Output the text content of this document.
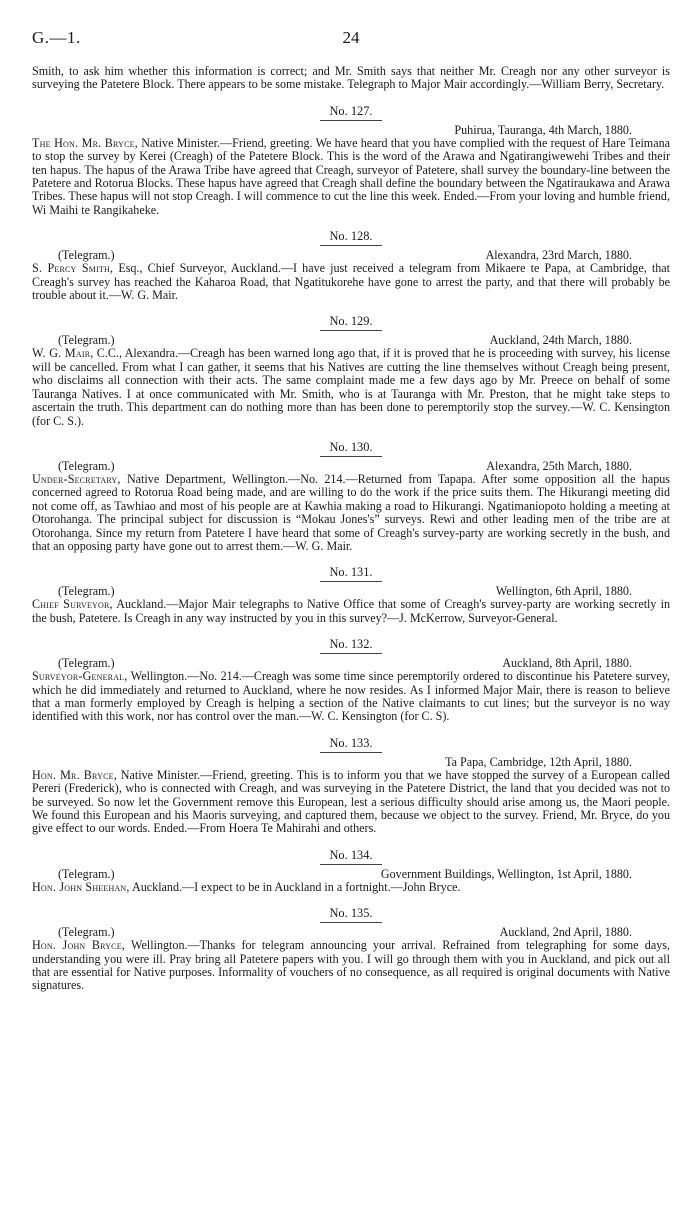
G.—1.	24

Smith, to ask him whether this information is correct; and Mr. Smith says that neither Mr. Creagh nor any other surveyor is surveying the Patetere Block. There appears to be some mistake. Telegraph to Major Mair accordingly.—William Berry, Secretary.

No. 127.
Puhirua, Tauranga, 4th March, 1880.

The Hon. Mr. Bryce, Native Minister.—Friend, greeting. We have heard that you have complied with the request of Hare Teimana to stop the survey by Kerei (Creagh) of the Patetere Block. This is the word of the Arawa and Ngatirangiwewehi Tribes and their ten hapus. The hapus of the Arawa Tribe have agreed that Creagh, surveyor of Patetere, shall survey the boundary-line between the Patetere and Rotorua Blocks. These hapus have agreed that Creagh shall define the boundary between the Ngatiraukawa and Arawa Tribes. These hapus will not stop Creagh. I will commence to cut the line this week. Ended.—From your loving and humble friend, Wi Maihi te Rangikaheke.

No. 128.
(Telegram.)	Alexandra, 23rd March, 1880.

S. Percy Smith, Esq., Chief Surveyor, Auckland.—I have just received a telegram from Mikaere te Papa, at Cambridge, that Creagh's survey has reached the Kaharoa Road, that Ngatitukorehe have gone to arrest the party, and that there will probably be trouble about it.—W. G. Mair.

No. 129.
(Telegram.)	Auckland, 24th March, 1880.

W. G. Mair, C.C., Alexandra.—Creagh has been warned long ago that, if it is proved that he is proceeding with survey, his license will be cancelled. From what I can gather, it seems that his Natives are cutting the line themselves without Creagh being present, who disclaims all connection with their acts. The same complaint made me a few days ago by Mr. Preece on behalf of some Tauranga Natives. I at once communicated with Mr. Smith, who is at Tauranga with Mr. Preston, that he might take steps to ascertain the truth. This department can do nothing more than has been done to peremptorily stop the survey.—W. C. Kensington (for C. S.).

No. 130.
(Telegram.)	Alexandra, 25th March, 1880.

Under-Secretary, Native Department, Wellington.—No. 214.—Returned from Tapapa. After some opposition all the hapus concerned agreed to Rotorua Road being made, and are willing to do the work if the price suits them. The Hikurangi meeting did not come off, as Tawhiao and most of his people are at Kawhia making a road to Hikurangi. Ngatimaniopoto holding a meeting at Otorohanga. The principal subject for discussion is “Mokau Jones's” surveys. Rewi and other leading men of the tribe are at Otorohanga. Since my return from Patetere I have heard that some of Creagh's survey-party are working secretly in the bush, and that an opposing party have gone out to arrest them.—W. G. Mair.

No. 131.
(Telegram.)	Wellington, 6th April, 1880.

Chief Surveyor, Auckland.—Major Mair telegraphs to Native Office that some of Creagh's survey-party are working secretly in the bush, Patetere. Is Creagh in any way instructed by you in this survey?—J. McKerrow, Surveyor-General.

No. 132.
(Telegram.)	Auckland, 8th April, 1880.

Surveyor-General, Wellington.—No. 214.—Creagh was some time since peremptorily ordered to discontinue his Patetere survey, which he did immediately and returned to Auckland, where he now resides. As I informed Major Mair, there is reason to believe that a man formerly employed by Creagh is helping a section of the Native claimants to cut lines; but the surveyor is no way identified with this work, nor has control over the man.—W. C. Kensington (for C. S).

No. 133.
Ta Papa, Cambridge, 12th April, 1880.

Hon. Mr. Bryce, Native Minister.—Friend, greeting. This is to inform you that we have stopped the survey of a European called Pereri (Frederick), who is connected with Creagh, and was surveying in the Patetere District, the land that you decided was not to be surveyed. So now let the Government remove this European, lest a serious difficulty should arise among us, the Maori people. We found this European and his Maoris surveying, and captured them, because we object to the survey. Friend, Mr. Bryce, do you give effect to our words. Ended.—From Hoera Te Mahirahi and others.

No. 134.
(Telegram.)	Government Buildings, Wellington, 1st April, 1880.

Hon. John Sheehan, Auckland.—I expect to be in Auckland in a fortnight.—John Bryce.

No. 135.
(Telegram.)	Auckland, 2nd April, 1880.

Hon. John Bryce, Wellington.—Thanks for telegram announcing your arrival. Refrained from telegraphing for some days, understanding you were ill. Pray bring all Patetere papers with you. I will go through them with you in Auckland, and pick out all that are essential for Native purposes. Informality of vouchers of no consequence, as all required is original documents with Native signatures.
